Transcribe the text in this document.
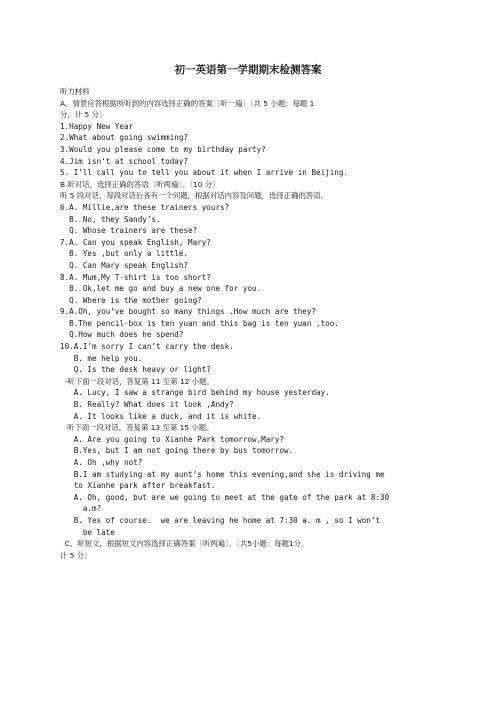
初一英语第一学期期末检测答案
听力材料
A、情景应答根据所听到的内容选择正确的答案〔听一遍〕〔共 5 小题：每题 1
分，计 5 分〕
1.Happy New Year
2.What about going swimming?
3.Would you please come to my birthday party?
4.Jim isn’t at school today?
5. I’ll call you to tell you about it when I arrive in Beijing.
B.听对话，选择正确的答语〔听两遍〕。〔10 分〕
听 5 段对话，每段对话后各有一个问题，根据对话内容及问题，选择正确的答语。
6.A. Millie,are these trainers yours?
B. No, they Sandy’s.
Q. Whose trainers are these?
7.A. Can you speak English, Mary?
B. Yes ,but only a little.
Q. Can Mary speak English?
8.A. Mum,My T-shirt is too short?
B. Ok,let me go and buy a new one for you.
Q. Where is the mother going?
9.A.Oh, you’ve bought so many things .How much are they?
B.The pencil-box is ten yuan and this bag is ten yuan ,too.
Q.How much does he spend?
10.A.I’m sorry I can’t carry the desk.
B. me help you.
Q. Is the desk heavy or light?
-听下面一段对话，答复第 11 至第 12 小题。
A. Lucy, I saw a strange bird behind my house yesterday.
B. Really? What does it look ,Andy?
A. It looks like a duck, and it is white.
听下面一段对话，答复第 13 至第 15 小题。
A. Are you going to Xianhe Park tomorrow,Mary?
B.Yes, but I am not going there by bus tomorrow.
A. Oh ,why not?
B.I am studying at my aunt’s home this evening,and she is driving me
to Xianhe park after breakfast.
A. Oh, good, but are we going to meet at the gate of the park at 8:30
a.m?
B. Yes of course.  we are leaving he home at 7:30 a. m , so I won’t
be late
C、听短文，根据短文内容选择正确答案〔听两遍〕。〔共5小题：每题1分，
计 5 分〕
